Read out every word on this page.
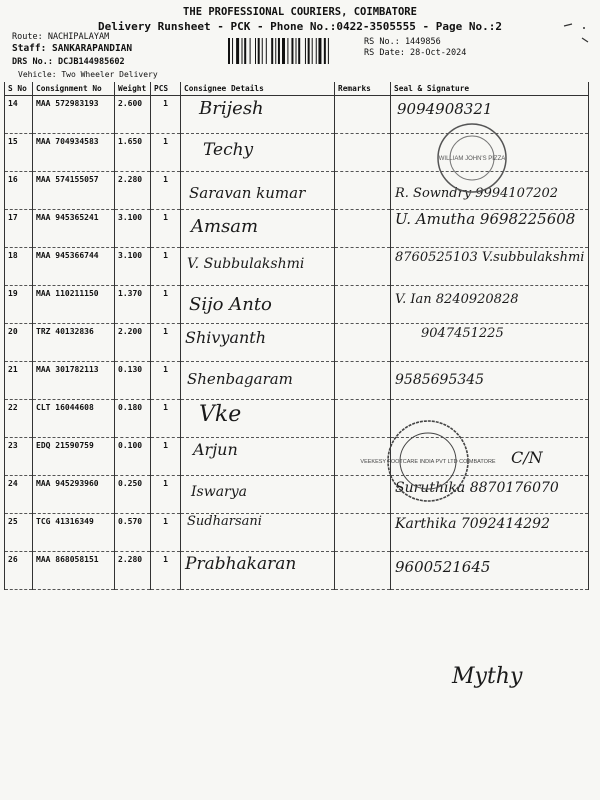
THE PROFESSIONAL COURIERS, COIMBATORE
Delivery Runsheet - PCK - Phone No.:0422-3505555 - Page No.:2
Route: NACHIPALAYAM
Staff: SANKARAPANDIAN
DRS No.: DCJB144985602
Vehicle: Two Wheeler Delivery
RS No.: 1449856
RS Date: 28-Oct-2024
S No	Consignment No	Weight	PCS	Consignee Details	Remarks	Seal & Signature
14	MAA 572983193	2.600	1	Brijesh		9094908321

15	MAA 704934583	1.650	1	Techy		

16	MAA 574155057	2.280	1	Saravan kumar		R. Sowndry 9994107202

17	MAA 945365241	3.100	1	Amsam		U. Amutha 9698225608

18	MAA 945366744	3.100	1	V. Subbulakshmi		8760525103 V.subbulakshmi

19	MAA 110211150	1.370	1	Sijo Anto		V. Ian 8240920828

20	TRZ 40132836	2.200	1	Shivyanth		9047451225

21	MAA 301782113	0.130	1	Shenbagaram		9585695345

22	CLT 16044608	0.180	1	Vke		

23	EDQ 21590759	0.100	1	Arjun		C/N

24	MAA 945293960	0.250	1	Iswarya		Suruthika 8870176070

25	TCG 41316349	0.570	1	Sudharsani		Karthika 7092414292

26	MAA 868058151	2.280	1	Prabhakaran		9600521645
WILLIAM JOHN'S PIZZA
VEEKESY FOOTCARE INDIA PVT LTD COIMBATORE
Mythy
